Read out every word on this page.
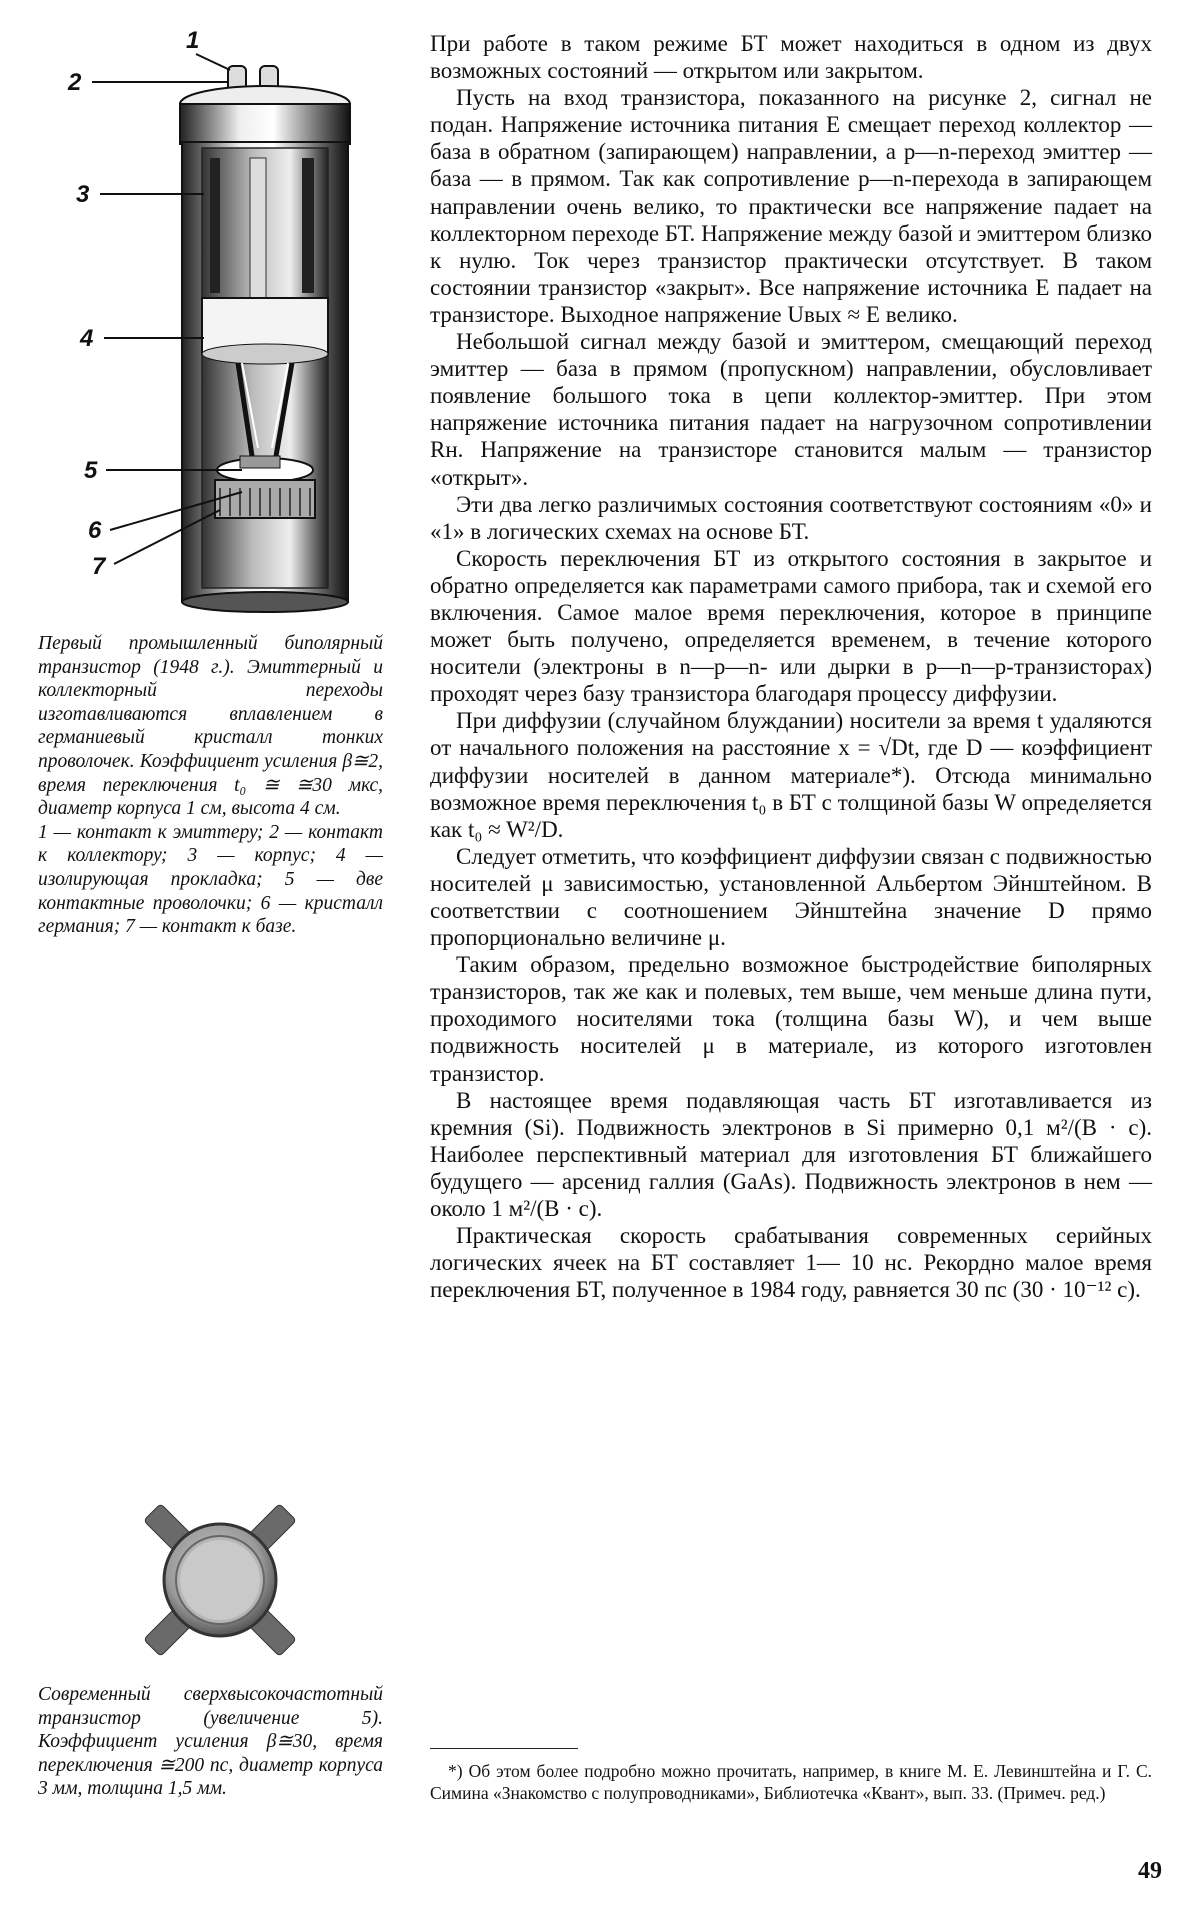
1
2
3
4
5
6
7

Первый промышленный биполярный транзистор (1948 г.). Эмиттерный и коллекторный переходы изготавливаются вплавлением в германиевый кристалл тонких проволочек. Коэффициент усиления β≅2, время переключения t₀ ≅ ≅30 мкс, диаметр корпуса 1 см, высота 4 см.

1 — контакт к эмиттеру; 2 — контакт к коллектору; 3 — корпус; 4 — изолирующая прокладка; 5 — две контактные проволочки; 6 — кристалл германия; 7 — контакт к базе.

Современный сверхвысокочастотный транзистор (увеличение 5). Коэффициент усиления β≅30, время переключения ≅200 пс, диаметр корпуса 3 мм, толщина 1,5 мм.

При работе в таком режиме БТ может находиться в одном из двух возможных состояний — открытом или закрытом.

Пусть на вход транзистора, показанного на рисунке 2, сигнал не подан. Напряжение источника питания E смещает переход коллектор — база в обратном (запирающем) направлении, а p—n-переход эмиттер — база — в прямом. Так как сопротивление p—n-перехода в запирающем направлении очень велико, то практически все напряжение падает на коллекторном переходе БТ. Напряжение между базой и эмиттером близко к нулю. Ток через транзистор практически отсутствует. В таком состоянии транзистор «закрыт». Все напряжение источника E падает на транзисторе. Выходное напряжение Uвых ≈ E велико.

Небольшой сигнал между базой и эмиттером, смещающий переход эмиттер — база в прямом (пропускном) направлении, обусловливает появление большого тока в цепи коллектор-эмиттер. При этом напряжение источника питания падает на нагрузочном сопротивлении Rн. Напряжение на транзисторе становится малым — транзистор «открыт».

Эти два легко различимых состояния соответствуют состояниям «0» и «1» в логических схемах на основе БТ.

Скорость переключения БТ из открытого состояния в закрытое и обратно определяется как параметрами самого прибора, так и схемой его включения. Самое малое время переключения, которое в принципе может быть получено, определяется временем, в течение которого носители (электроны в n—p—n- или дырки в p—n—p-транзисторах) проходят через базу транзистора благодаря процессу диффузии.

При диффузии (случайном блуждании) носители за время t удаляются от начального положения на расстояние x = √Dt, где D — коэффициент диффузии носителей в данном материале*). Отсюда минимально возможное время переключения t₀ в БТ с толщиной базы W определяется как t₀ ≈ W²/D.

Следует отметить, что коэффициент диффузии связан с подвижностью носителей μ зависимостью, установленной Альбертом Эйнштейном. В соответствии с соотношением Эйнштейна значение D прямо пропорционально величине μ.

Таким образом, предельно возможное быстродействие биполярных транзисторов, так же как и полевых, тем выше, чем меньше длина пути, проходимого носителями тока (толщина базы W), и чем выше подвижность носителей μ в материале, из которого изготовлен транзистор.

В настоящее время подавляющая часть БТ изготавливается из кремния (Si). Подвижность электронов в Si примерно 0,1 м²/(В · с). Наиболее перспективный материал для изготовления БТ ближайшего будущего — арсенид галлия (GaAs). Подвижность электронов в нем — около 1 м²/(В · с).

Практическая скорость срабатывания современных серийных логических ячеек на БТ составляет 1— 10 нс. Рекордно малое время переключения БТ, полученное в 1984 году, равняется 30 пс (30 · 10⁻¹² с).

*) Об этом более подробно можно прочитать, например, в книге М. Е. Левинштейна и Г. С. Симина «Знакомство с полупроводниками», Библиотечка «Квант», вып. 33. (Примеч. ред.)
49
